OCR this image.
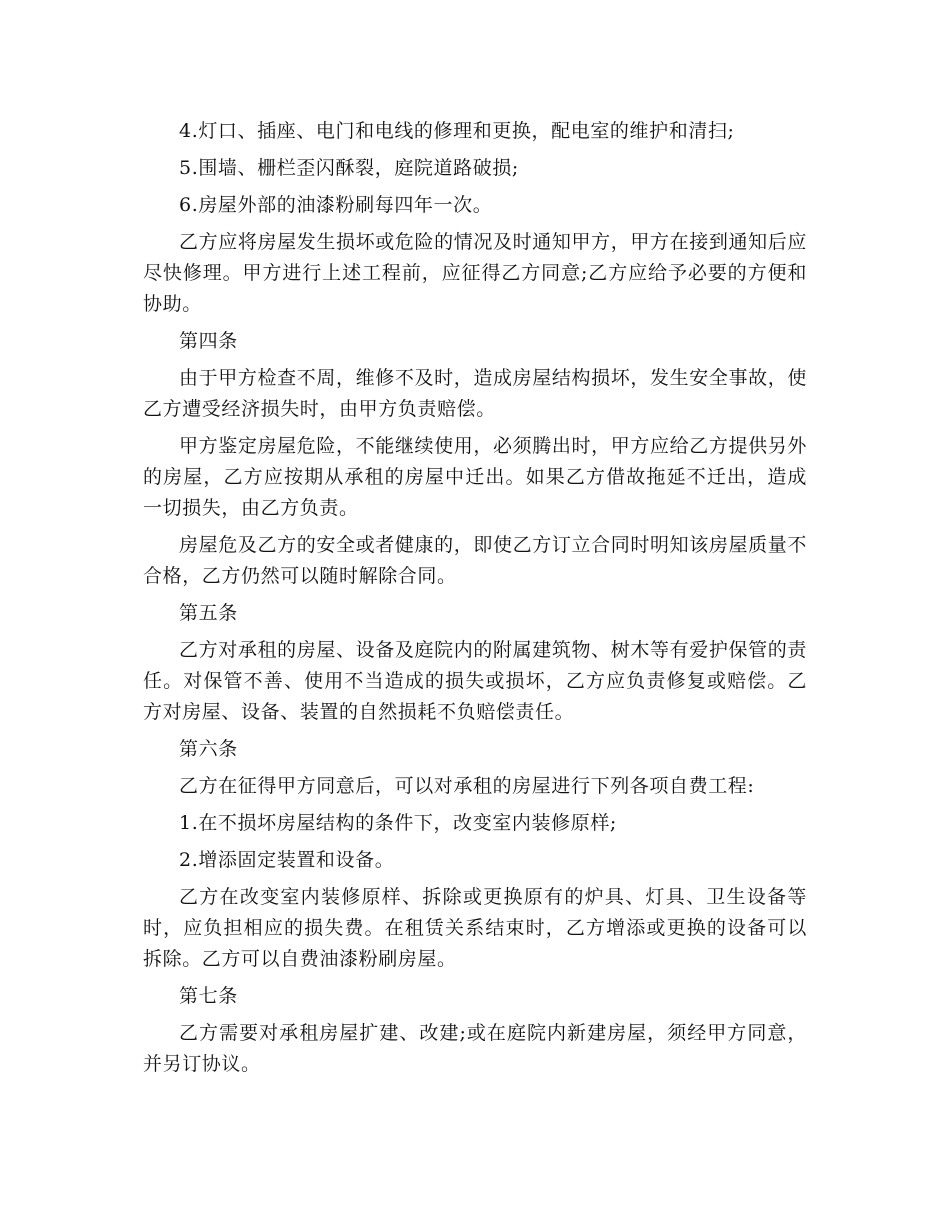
4.灯口、插座、电门和电线的修理和更换，配电室的维护和清扫;

5.围墙、栅栏歪闪酥裂，庭院道路破损;

6.房屋外部的油漆粉刷每四年一次。

乙方应将房屋发生损坏或危险的情况及时通知甲方，甲方在接到通知后应尽快修理。甲方进行上述工程前，应征得乙方同意;乙方应给予必要的方便和协助。

第四条

由于甲方检查不周，维修不及时，造成房屋结构损坏，发生安全事故，使乙方遭受经济损失时，由甲方负责赔偿。

甲方鉴定房屋危险，不能继续使用，必须腾出时，甲方应给乙方提供另外的房屋，乙方应按期从承租的房屋中迁出。如果乙方借故拖延不迁出，造成一切损失，由乙方负责。

房屋危及乙方的安全或者健康的，即使乙方订立合同时明知该房屋质量不合格，乙方仍然可以随时解除合同。

第五条

乙方对承租的房屋、设备及庭院内的附属建筑物、树木等有爱护保管的责任。对保管不善、使用不当造成的损失或损坏，乙方应负责修复或赔偿。乙方对房屋、设备、装置的自然损耗不负赔偿责任。

第六条

乙方在征得甲方同意后，可以对承租的房屋进行下列各项自费工程:

1.在不损坏房屋结构的条件下，改变室内装修原样;

2.增添固定装置和设备。

乙方在改变室内装修原样、拆除或更换原有的炉具、灯具、卫生设备等时，应负担相应的损失费。在租赁关系结束时，乙方增添或更换的设备可以拆除。乙方可以自费油漆粉刷房屋。

第七条

乙方需要对承租房屋扩建、改建;或在庭院内新建房屋，须经甲方同意，并另订协议。
